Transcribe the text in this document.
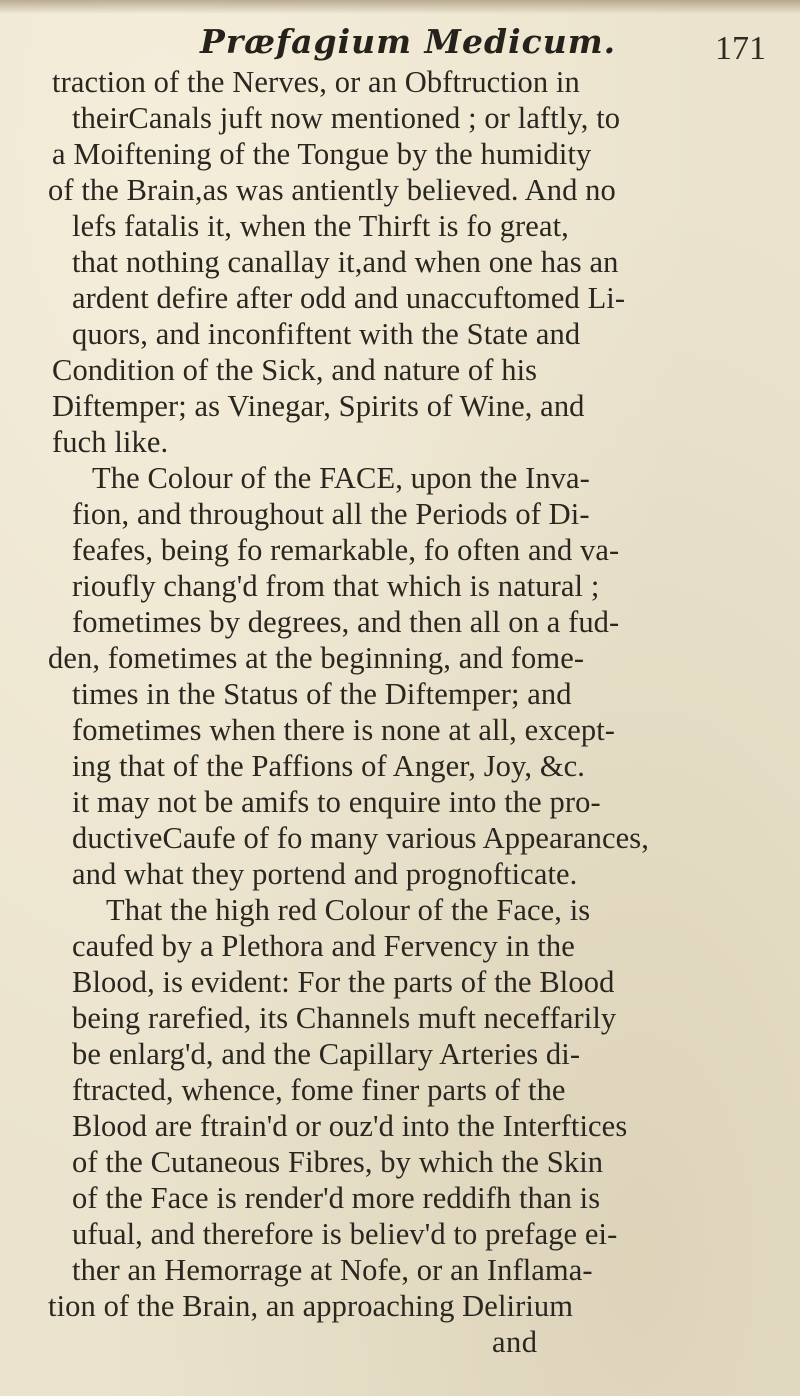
Præfagium Medicum.	171
traction of the Nerves, or an Obftruction in
theirCanals juft now mentioned ; or laftly, to
a Moiftening of the Tongue by the humidity
of the Brain,as was antiently believed. And no
lefs fatalis it, when the Thirft is fo great,
that nothing canallay it,and when one has an
ardent defire after odd and unaccuftomed Li-
quors, and inconfiftent with the State and
Condition of the Sick, and nature of his
Diftemper; as Vinegar, Spirits of Wine, and
fuch like.
The Colour of the FACE, upon the Inva-
fion, and throughout all the Periods of Di-
feafes, being fo remarkable, fo often and va-
rioufly chang'd from that which is natural ;
fometimes by degrees, and then all on a fud-
den, fometimes at the beginning, and fome-
times in the Status of the Diftemper; and
fometimes when there is none at all, except-
ing that of the Paffions of Anger, Joy, &c.
it may not be amifs to enquire into the pro-
ductiveCaufe of fo many various Appearances,
and what they portend and prognofticate.
That the high red Colour of the Face, is
caufed by a Plethora and Fervency in the
Blood, is evident: For the parts of the Blood
being rarefied, its Channels muft neceffarily
be enlarg'd, and the Capillary Arteries di-
ftracted, whence, fome finer parts of the
Blood are ftrain'd or ouz'd into the Interftices
of the Cutaneous Fibres, by which the Skin
of the Face is render'd more reddifh than is
ufual, and therefore is believ'd to prefage ei-
ther an Hemorrage at Nofe, or an Inflama-
tion of the Brain, an approaching Delirium
and
